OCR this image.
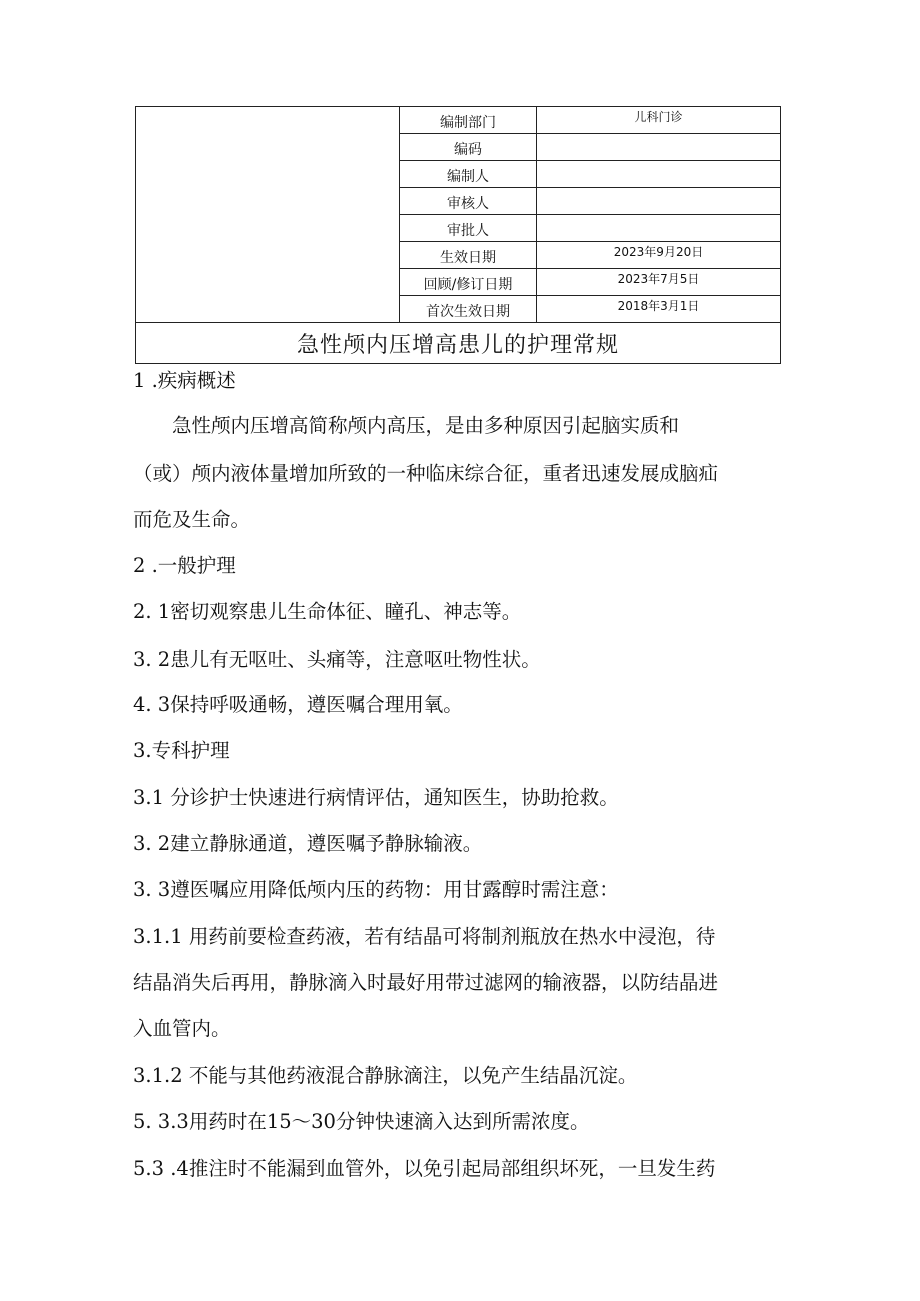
	编制部门	儿科门诊
	编码	
	编制人	
	审核人	
	审批人	
	生效日期	2023年9月20日
	回顾/修订日期	2023年7月5日
	首次生效日期	2018年3月1日
急性颅内压增高患儿的护理常规		
1 .疾病概述
急性颅内压增高简称颅内高压，是由多种原因引起脑实质和
（或）颅内液体量增加所致的一种临床综合征，重者迅速发展成脑疝
而危及生命。
2 .一般护理
2. 1密切观察患儿生命体征、瞳孔、神志等。
3. 2患儿有无呕吐、头痛等，注意呕吐物性状。
4. 3保持呼吸通畅，遵医嘱合理用氧。
3.专科护理
3.1 分诊护士快速进行病情评估，通知医生，协助抢救。
3. 2建立静脉通道，遵医嘱予静脉输液。
3. 3遵医嘱应用降低颅内压的药物：用甘露醇时需注意：
3.1.1 用药前要检查药液，若有结晶可将制剂瓶放在热水中浸泡，待
结晶消失后再用，静脉滴入时最好用带过滤网的输液器，以防结晶进
入血管内。
3.1.2 不能与其他药液混合静脉滴注，以免产生结晶沉淀。
5. 3.3用药时在15～30分钟快速滴入达到所需浓度。
5.3 .4推注时不能漏到血管外，以免引起局部组织坏死，一旦发生药
